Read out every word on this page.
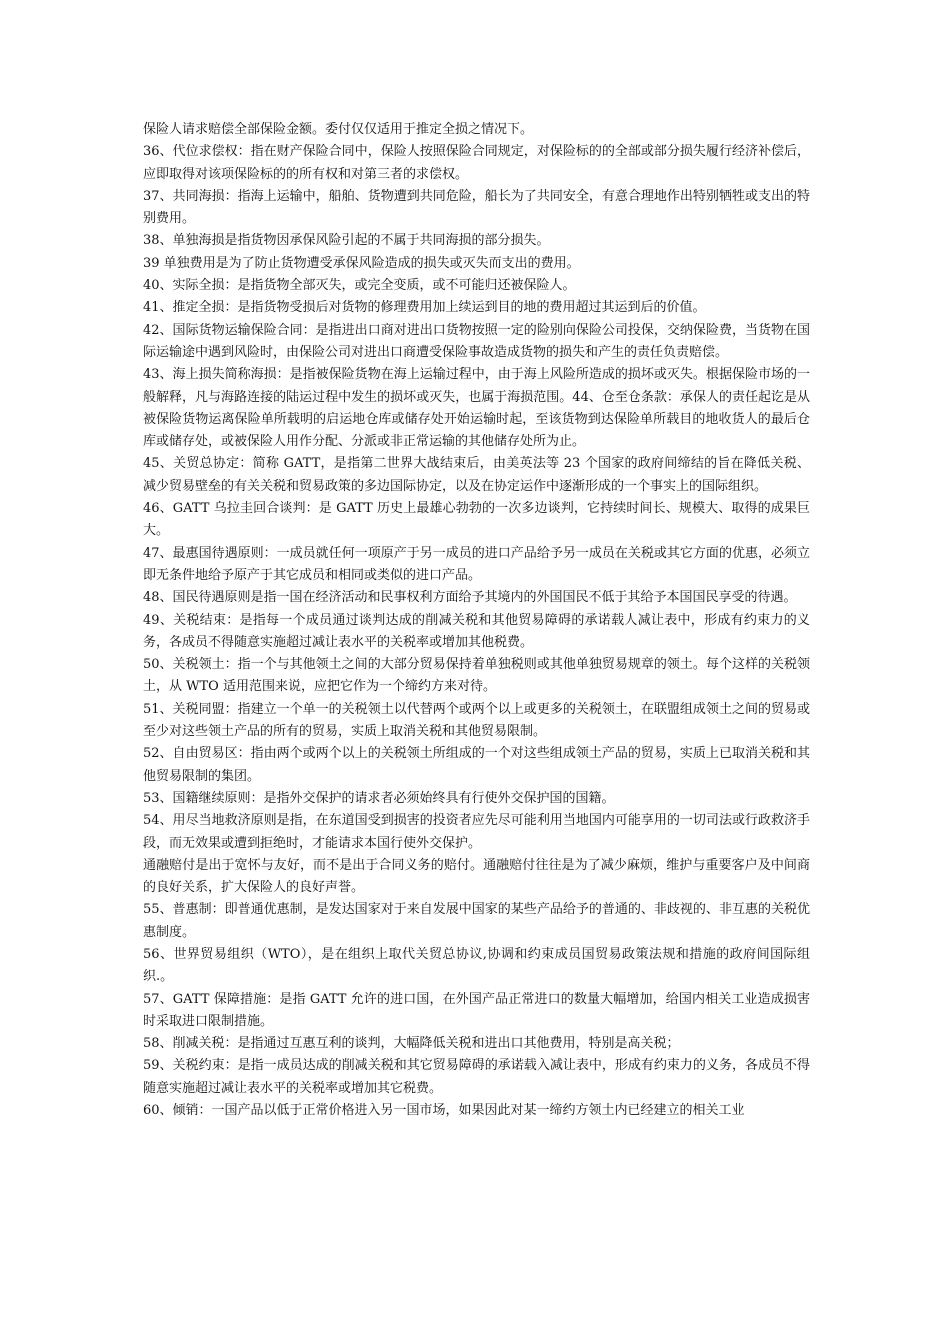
保险人请求赔偿全部保险金额。委付仅仅适用于推定全损之情况下。

36、代位求偿权：指在财产保险合同中，保险人按照保险合同规定，对保险标的的全部或部分损失履行经济补偿后，应即取得对该项保险标的的所有权和对第三者的求偿权。

37、共同海损：指海上运输中，船舶、货物遭到共同危险，船长为了共同安全，有意合理地作出特别牺牲或支出的特别费用。

38、单独海损是指货物因承保风险引起的不属于共同海损的部分损失。

39 单独费用是为了防止货物遭受承保风险造成的损失或灭失而支出的费用。

40、实际全损：是指货物全部灭失，或完全变质，或不可能归还被保险人。

41、推定全损：是指货物受损后对货物的修理费用加上续运到目的地的费用超过其运到后的价值。

42、国际货物运输保险合同：是指进出口商对进出口货物按照一定的险别向保险公司投保，交纳保险费，当货物在国际运输途中遇到风险时，由保险公司对进出口商遭受保险事故造成货物的损失和产生的责任负责赔偿。

43、海上损失简称海损：是指被保险货物在海上运输过程中，由于海上风险所造成的损坏或灭失。根据保险市场的一般解释，凡与海路连接的陆运过程中发生的损坏或灭失，也属于海损范围。44、仓至仓条款：承保人的责任起讫是从被保险货物运离保险单所载明的启运地仓库或储存处开始运输时起，至该货物到达保险单所载目的地收货人的最后仓库或储存处，或被保险人用作分配、分派或非正常运输的其他储存处所为止。

45、关贸总协定：简称 GATT，是指第二世界大战结束后，由美英法等 23 个国家的政府间缔结的旨在降低关税、减少贸易壁垒的有关关税和贸易政策的多边国际协定，以及在协定运作中逐渐形成的一个事实上的国际组织。

46、GATT 乌拉圭回合谈判：是 GATT 历史上最雄心勃勃的一次多边谈判，它持续时间长、规模大、取得的成果巨大。

47、最惠国待遇原则：一成员就任何一项原产于另一成员的进口产品给予另一成员在关税或其它方面的优惠，必须立即无条件地给予原产于其它成员和相同或类似的进口产品。

48、国民待遇原则是指一国在经济活动和民事权利方面给予其境内的外国国民不低于其给予本国国民享受的待遇。

49、关税结束：是指每一个成员通过谈判达成的削减关税和其他贸易障碍的承诺载人减让表中，形成有约束力的义务，各成员不得随意实施超过减让表水平的关税率或增加其他税费。

50、关税领土：指一个与其他领土之间的大部分贸易保持着单独税则或其他单独贸易规章的领土。每个这样的关税领土，从 WTO 适用范围来说，应把它作为一个缔约方来对待。

51、关税同盟：指建立一个单一的关税领土以代替两个或两个以上或更多的关税领土，在联盟组成领土之间的贸易或至少对这些领土产品的所有的贸易，实质上取消关税和其他贸易限制。

52、自由贸易区：指由两个或两个以上的关税领土所组成的一个对这些组成领土产品的贸易，实质上已取消关税和其他贸易限制的集团。

53、国籍继续原则：是指外交保护的请求者必须始终具有行使外交保护国的国籍。

54、用尽当地救济原则是指，在东道国受到损害的投资者应先尽可能利用当地国内可能享用的一切司法或行政救济手段，而无效果或遭到拒绝时，才能请求本国行使外交保护。

通融赔付是出于宽怀与友好，而不是出于合同义务的赔付。通融赔付往往是为了减少麻烦，维护与重要客户及中间商的良好关系，扩大保险人的良好声誉。

55、普惠制：即普通优惠制，是发达国家对于来自发展中国家的某些产品给予的普通的、非歧视的、非互惠的关税优惠制度。

56、世界贸易组织（WTO），是在组织上取代关贸总协议,协调和约束成员国贸易政策法规和措施的政府间国际组织.。

57、GATT 保障措施：是指 GATT 允许的进口国，在外国产品正常进口的数量大幅增加，给国内相关工业造成损害时采取进口限制措施。

58、削减关税：是指通过互惠互利的谈判，大幅降低关税和进出口其他费用，特别是高关税；

59、关税约束：是指一成员达成的削减关税和其它贸易障碍的承诺载入减让表中，形成有约束力的义务，各成员不得随意实施超过减让表水平的关税率或增加其它税费。

60、倾销：一国产品以低于正常价格进入另一国市场，如果因此对某一缔约方领土内已经建立的相关工业
